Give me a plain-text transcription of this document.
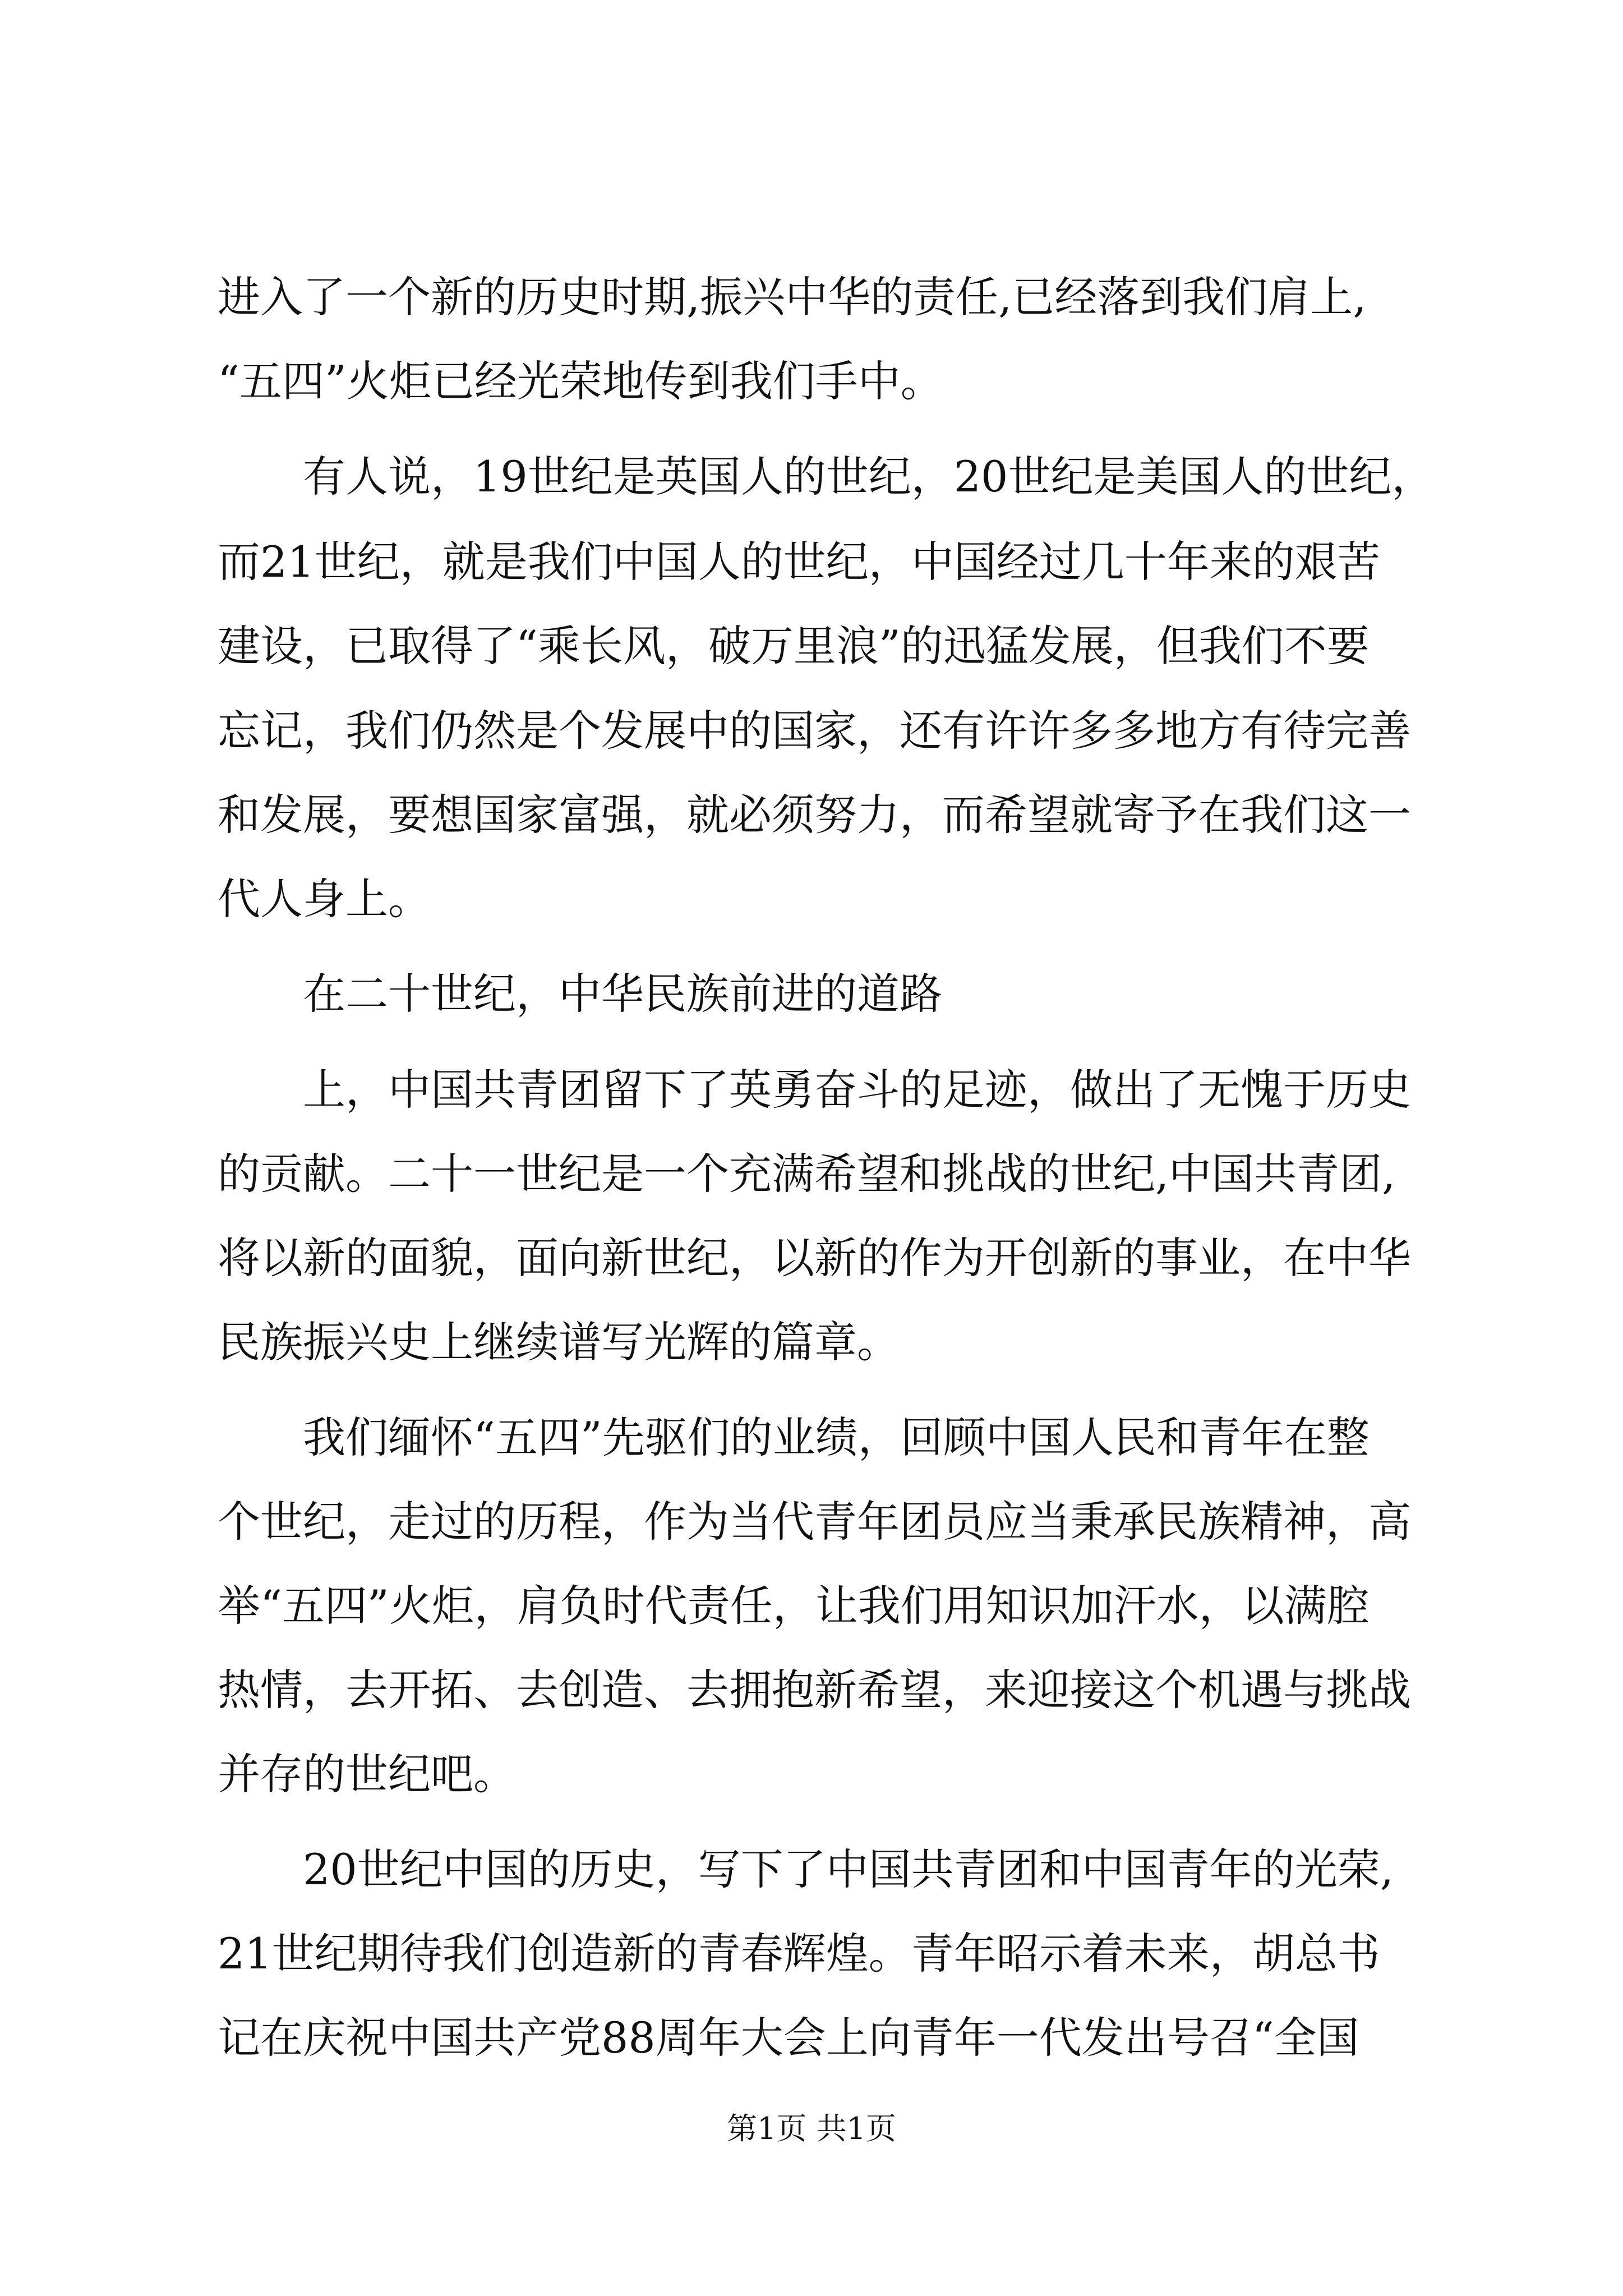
进入了一个新的历史时期,振兴中华的责任,已经落到我们肩上,
“五四”火炬已经光荣地传到我们手中。
有人说，19世纪是英国人的世纪，20世纪是美国人的世纪，
而21世纪，就是我们中国人的世纪，中国经过几十年来的艰苦
建设，已取得了“乘长风，破万里浪”的迅猛发展，但我们不要
忘记，我们仍然是个发展中的国家，还有许许多多地方有待完善
和发展，要想国家富强，就必须努力，而希望就寄予在我们这一
代人身上。
在二十世纪，中华民族前进的道路
上，中国共青团留下了英勇奋斗的足迹，做出了无愧于历史
的贡献。二十一世纪是一个充满希望和挑战的世纪,中国共青团,
将以新的面貌，面向新世纪，以新的作为开创新的事业，在中华
民族振兴史上继续谱写光辉的篇章。
我们缅怀“五四”先驱们的业绩，回顾中国人民和青年在整
个世纪，走过的历程，作为当代青年团员应当秉承民族精神，高
举“五四”火炬，肩负时代责任，让我们用知识加汗水，以满腔
热情，去开拓、去创造、去拥抱新希望，来迎接这个机遇与挑战
并存的世纪吧。
20世纪中国的历史，写下了中国共青团和中国青年的光荣,
21世纪期待我们创造新的青春辉煌。青年昭示着未来，胡总书
记在庆祝中国共产党88周年大会上向青年一代发出号召“全国
第1页 共1页
